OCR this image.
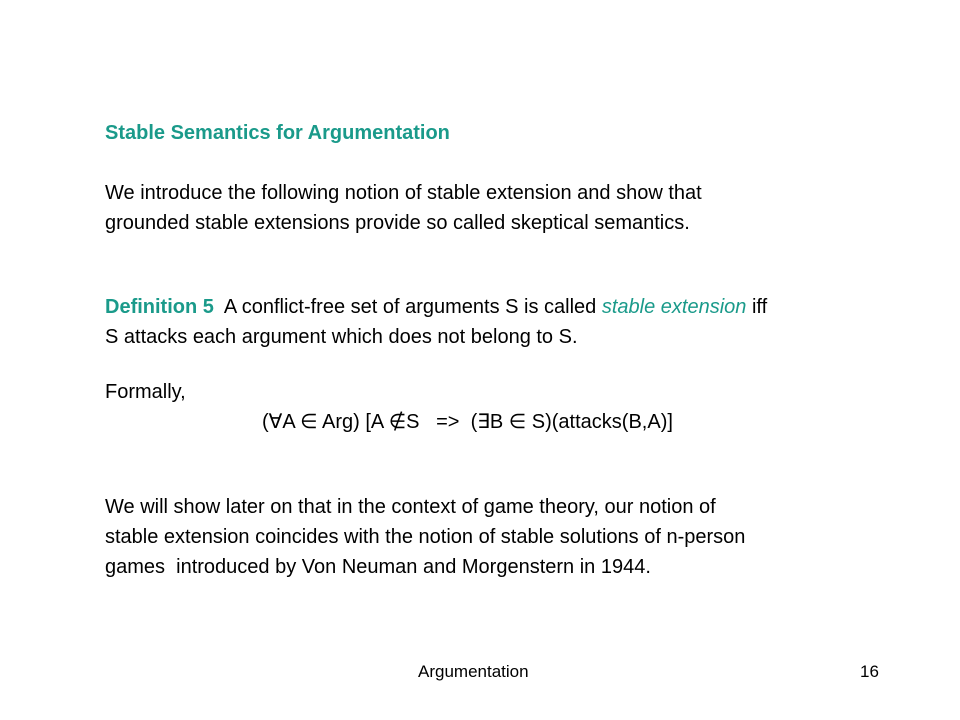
Stable Semantics for Argumentation
We introduce the following notion of stable extension and show that
grounded stable extensions provide so called skeptical semantics.
Definition 5  A conflict-free set of arguments S is called stable extension iff
S attacks each argument which does not belong to S.
Formally,
(∀A ∈ Arg) [A ∉S   =>  (∃B ∈ S)(attacks(B,A)]
We will show later on that in the context of game theory, our notion of
stable extension coincides with the notion of stable solutions of n-person
games  introduced by Von Neuman and Morgenstern in 1944.
Argumentation	16
